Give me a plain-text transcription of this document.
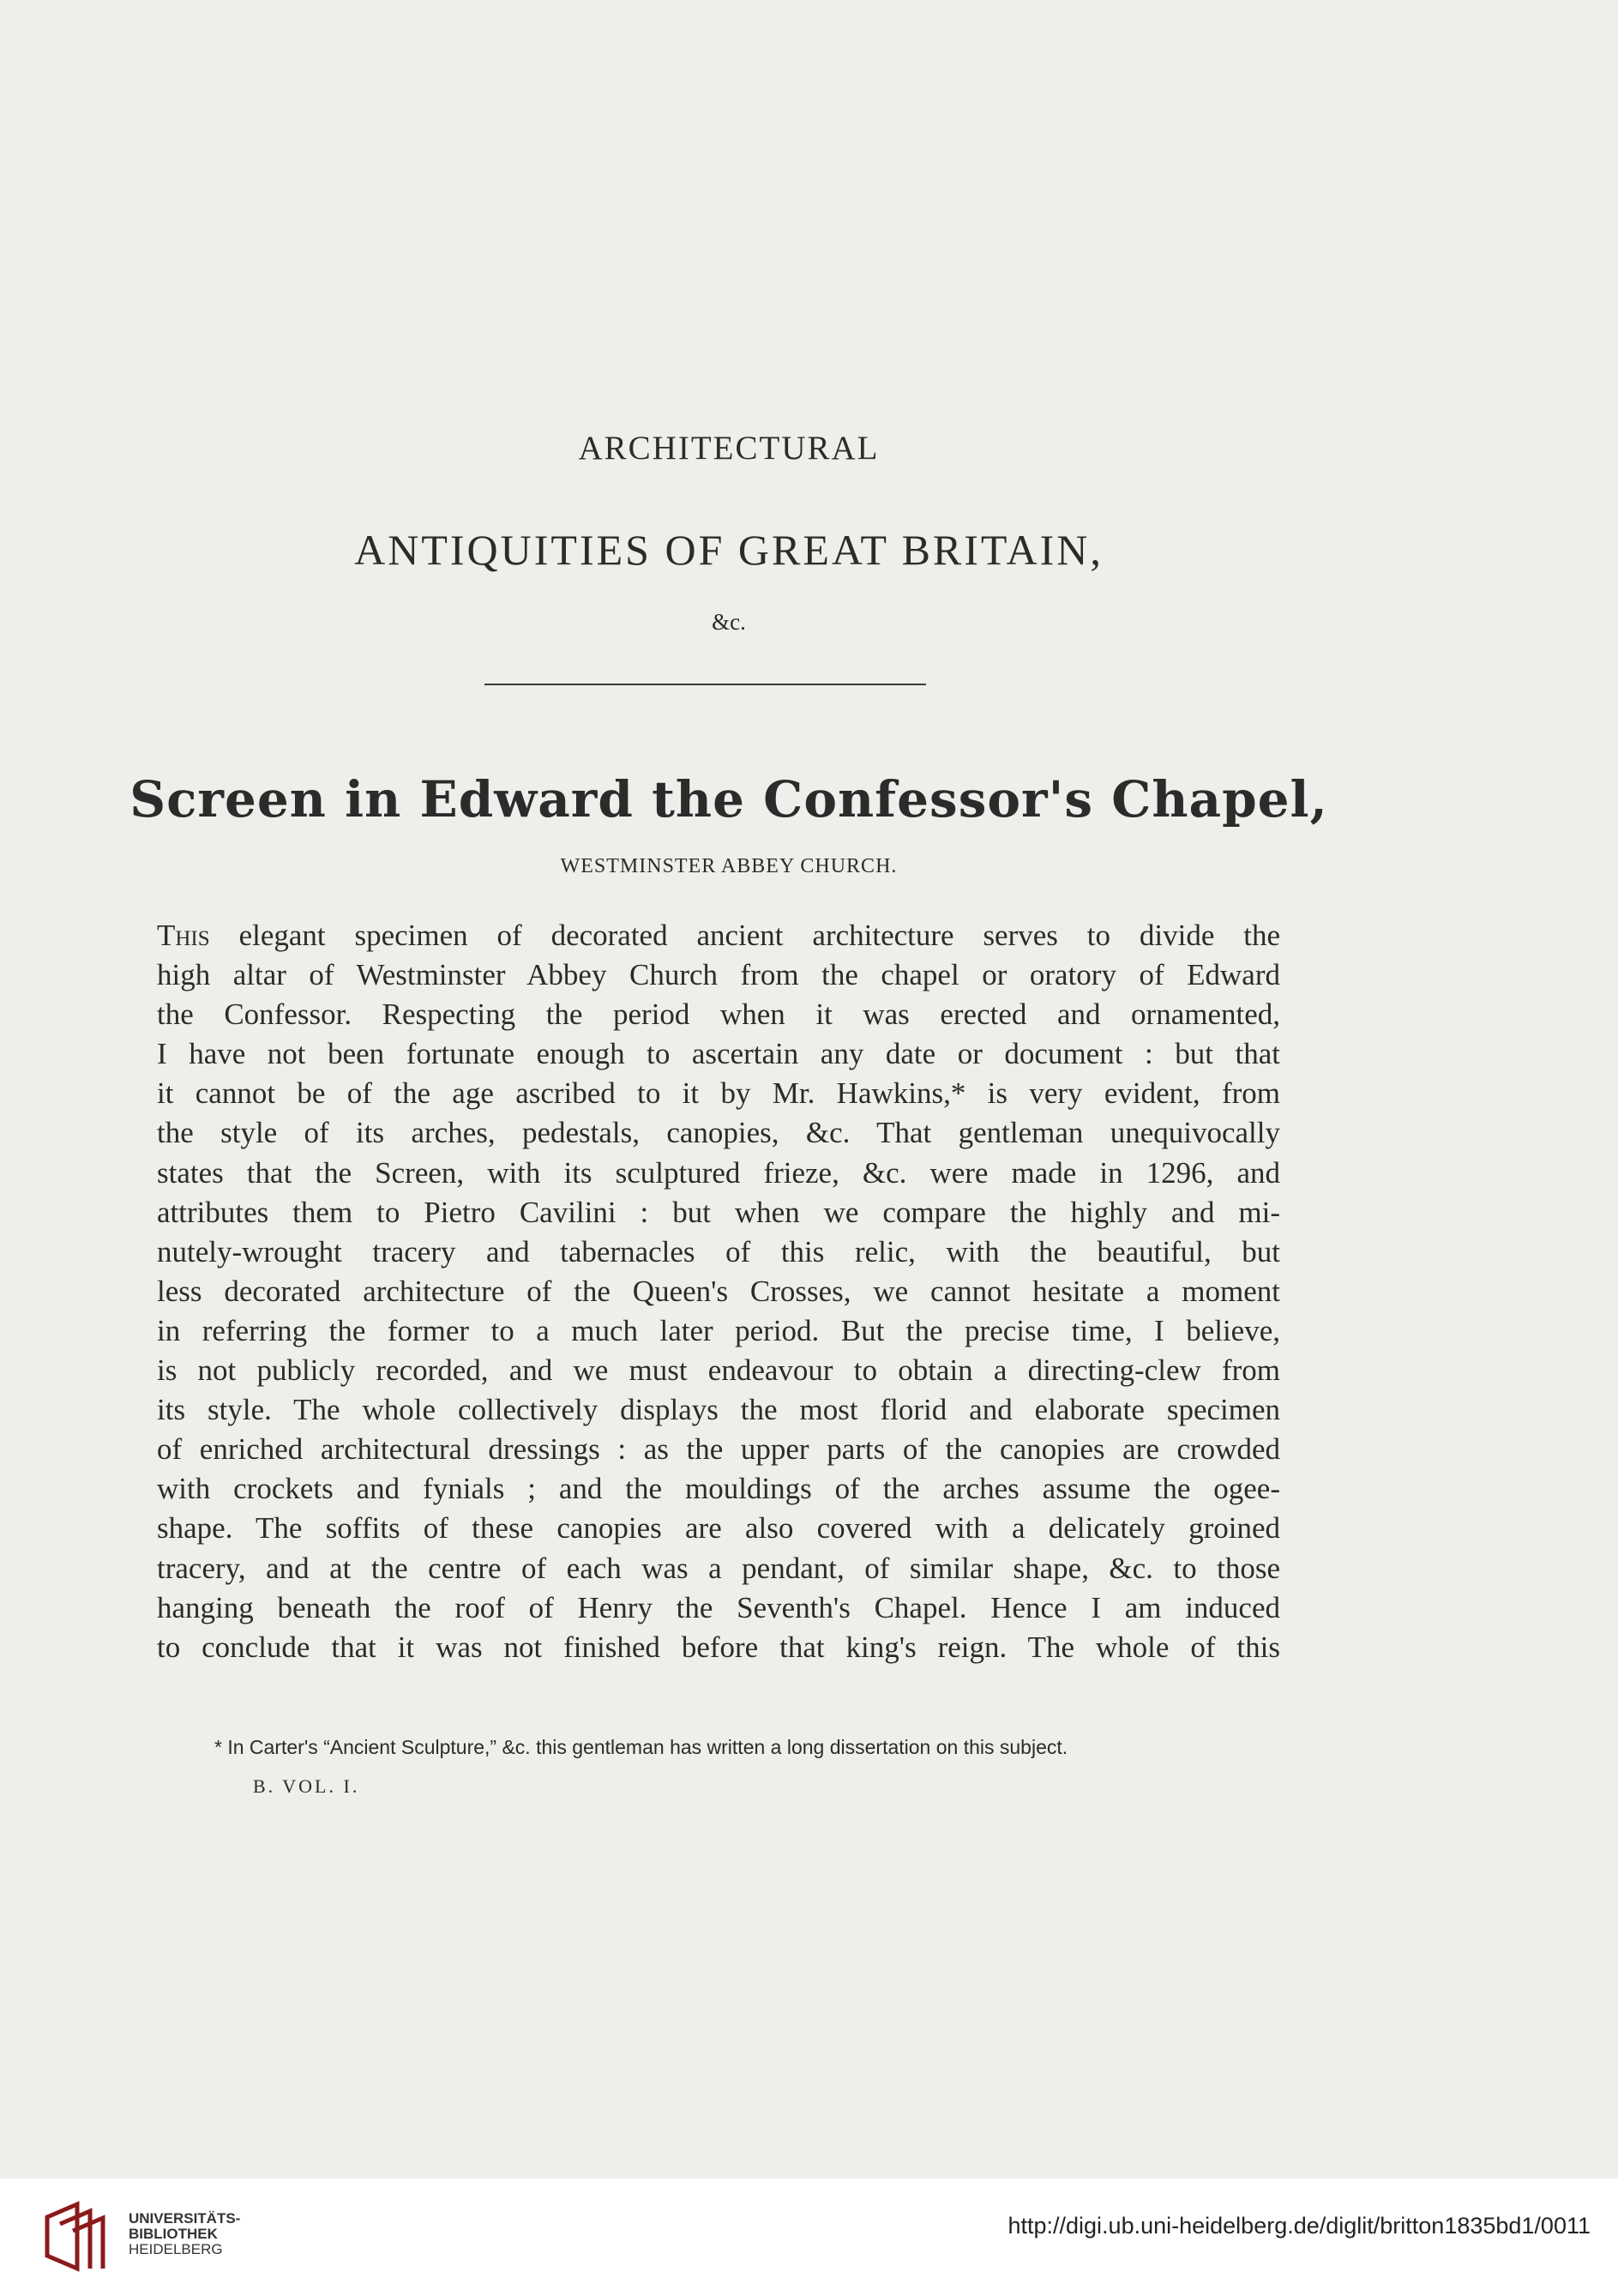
ARCHITECTURAL
ANTIQUITIES OF GREAT BRITAIN,
&c.
Screen in Edward the Confessor's Chapel,
WESTMINSTER ABBEY CHURCH.
This elegant specimen of decorated ancient architecture serves to divide the
high altar of Westminster Abbey Church from the chapel or oratory of Edward
the Confessor. Respecting the period when it was erected and ornamented,
I have not been fortunate enough to ascertain any date or document : but that
it cannot be of the age ascribed to it by Mr. Hawkins,* is very evident, from
the style of its arches, pedestals, canopies, &c. That gentleman unequivocally
states that the Screen, with its sculptured frieze, &c. were made in 1296, and
attributes them to Pietro Cavilini : but when we compare the highly and mi-
nutely-wrought tracery and tabernacles of this relic, with the beautiful, but
less decorated architecture of the Queen's Crosses, we cannot hesitate a moment
in referring the former to a much later period. But the precise time, I believe,
is not publicly recorded, and we must endeavour to obtain a directing-clew from
its style. The whole collectively displays the most florid and elaborate specimen
of enriched architectural dressings : as the upper parts of the canopies are crowded
with crockets and fynials ; and the mouldings of the arches assume the ogee-
shape. The soffits of these canopies are also covered with a delicately groined
tracery, and at the centre of each was a pendant, of similar shape, &c. to those
hanging beneath the roof of Henry the Seventh's Chapel. Hence I am induced
to conclude that it was not finished before that king's reign. The whole of this
* In Carter's “Ancient Sculpture,” &c. this gentleman has written a long dissertation on this subject.
B. VOL. I.
UNIVERSITÄTS-
BIBLIOTHEK
HEIDELBERG
http://digi.ub.uni-heidelberg.de/diglit/britton1835bd1/0011
